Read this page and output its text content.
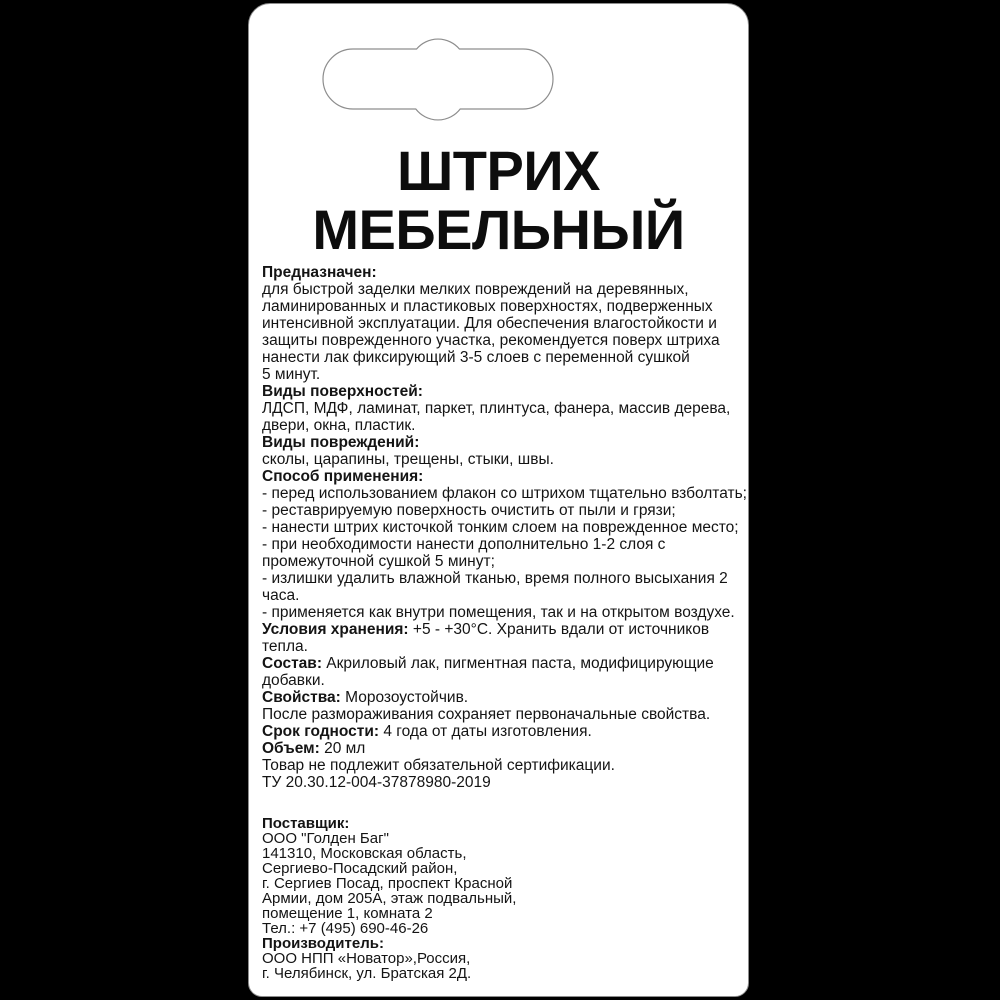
ШТРИХ
МЕБЕЛЬНЫЙ
Предназначен:
для быстрой заделки мелких повреждений на деревянных,
ламинированных и пластиковых поверхностях, подверженных
интенсивной эксплуатации. Для обеспечения влагостойкости и
защиты поврежденного участка, рекомендуется поверх штриха
нанести лак фиксирующий 3-5 слоев с переменной сушкой
5 минут.
Виды поверхностей:
ЛДСП, МДФ, ламинат, паркет, плинтуса, фанера, массив дерева,
двери, окна, пластик.
Виды повреждений:
сколы, царапины, трещены, стыки, швы.
Способ применения:
- перед использованием флакон со штрихом тщательно взболтать;
- реставрируемую поверхность очистить от пыли и грязи;
- нанести штрих кисточкой тонким слоем на поврежденное место;
- при необходимости нанести дополнительно 1-2 слоя с
промежуточной сушкой 5 минут;
- излишки удалить влажной тканью, время полного высыхания 2
часа.
- применяется как внутри помещения, так и на открытом воздухе.
Условия хранения: +5 - +30°C. Хранить вдали от источников
тепла.
Состав: Акриловый лак, пигментная паста, модифицирующие
добавки.
Свойства: Морозоустойчив.
После размораживания сохраняет первоначальные свойства.
Срок годности: 4 года от даты изготовления.
Объем: 20 мл
Товар не подлежит обязательной сертификации.
ТУ 20.30.12-004-37878980-2019
Поставщик:
ООО "Голден Баг"
141310, Московская область,
Сергиево-Посадский район,
г. Сергиев Посад, проспект Красной
Армии, дом 205А, этаж подвальный,
помещение 1, комната 2
Тел.: +7 (495) 690-46-26
Производитель:
ООО НПП «Новатор»,Россия,
г. Челябинск, ул. Братская 2Д.
